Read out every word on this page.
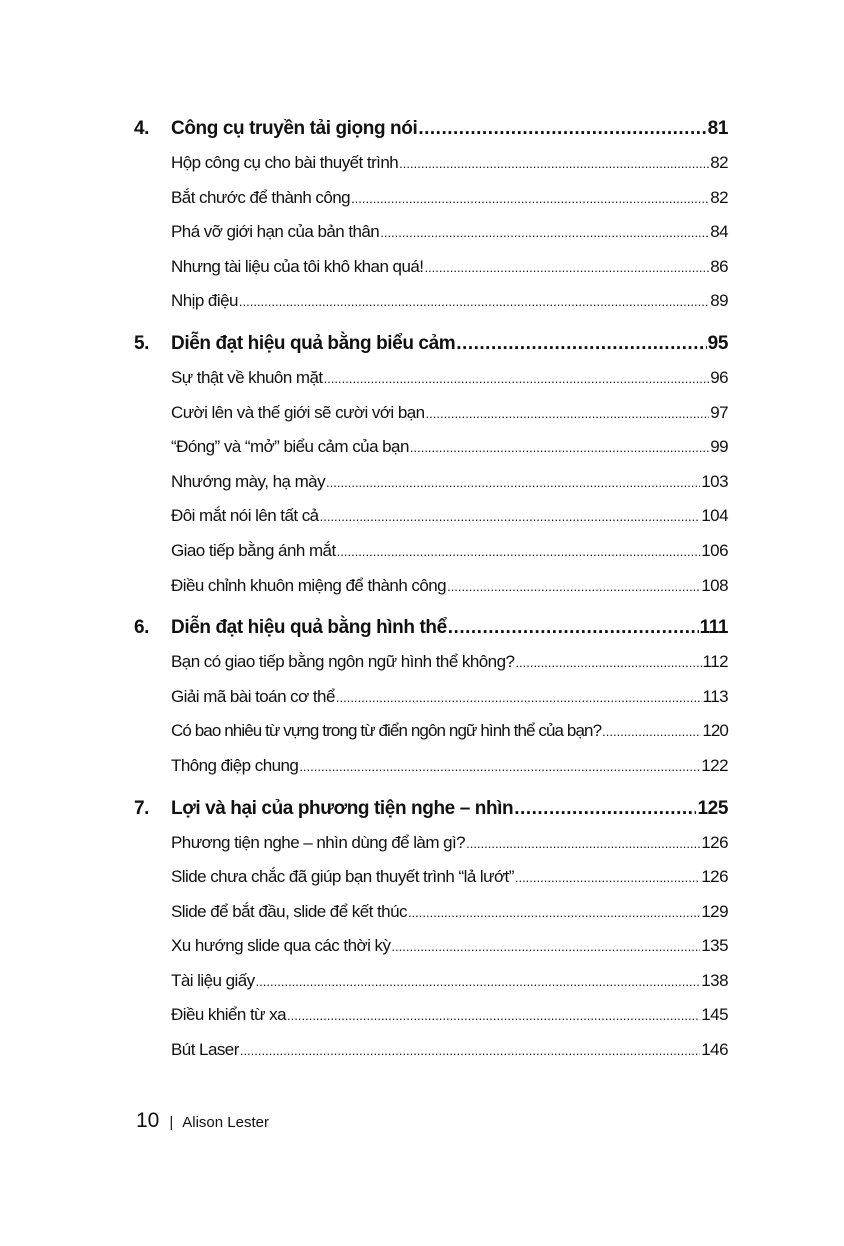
4.	Công cụ truyền tải giọng nói .....	81
Hộp công cụ cho bài thuyết trình .....	82
Bắt chước để thành công .....	82
Phá vỡ giới hạn của bản thân .....	84
Nhưng tài liệu của tôi khô khan quá! .....	86
Nhịp điệu .....	89
5.	Diễn đạt hiệu quả bằng biểu cảm .....	95
Sự thật về khuôn mặt .....	96
Cười lên và thế giới sẽ cười với bạn .....	97
“Đóng” và “mở” biểu cảm của bạn .....	99
Nhướng mày, hạ mày .....	103
Đôi mắt nói lên tất cả .....	104
Giao tiếp bằng ánh mắt .....	106
Điều chỉnh khuôn miệng để thành công .....	108
6.	Diễn đạt hiệu quả bằng hình thể .....	111
Bạn có giao tiếp bằng ngôn ngữ hình thể không? .....	112
Giải mã bài toán cơ thể .....	113
Có bao nhiêu từ vựng trong từ điển ngôn ngữ hình thể của bạn? .....	120
Thông điệp chung .....	122
7.	Lợi và hại của phương tiện nghe – nhìn .....	125
Phương tiện nghe – nhìn dùng để làm gì? .....	126
Slide chưa chắc đã giúp bạn thuyết trình “lả lướt” .....	126
Slide để bắt đầu, slide để kết thúc .....	129
Xu hướng slide qua các thời kỳ .....	135
Tài liệu giấy .....	138
Điều khiển từ xa .....	145
Bút Laser .....	146
10 | Alison Lester
